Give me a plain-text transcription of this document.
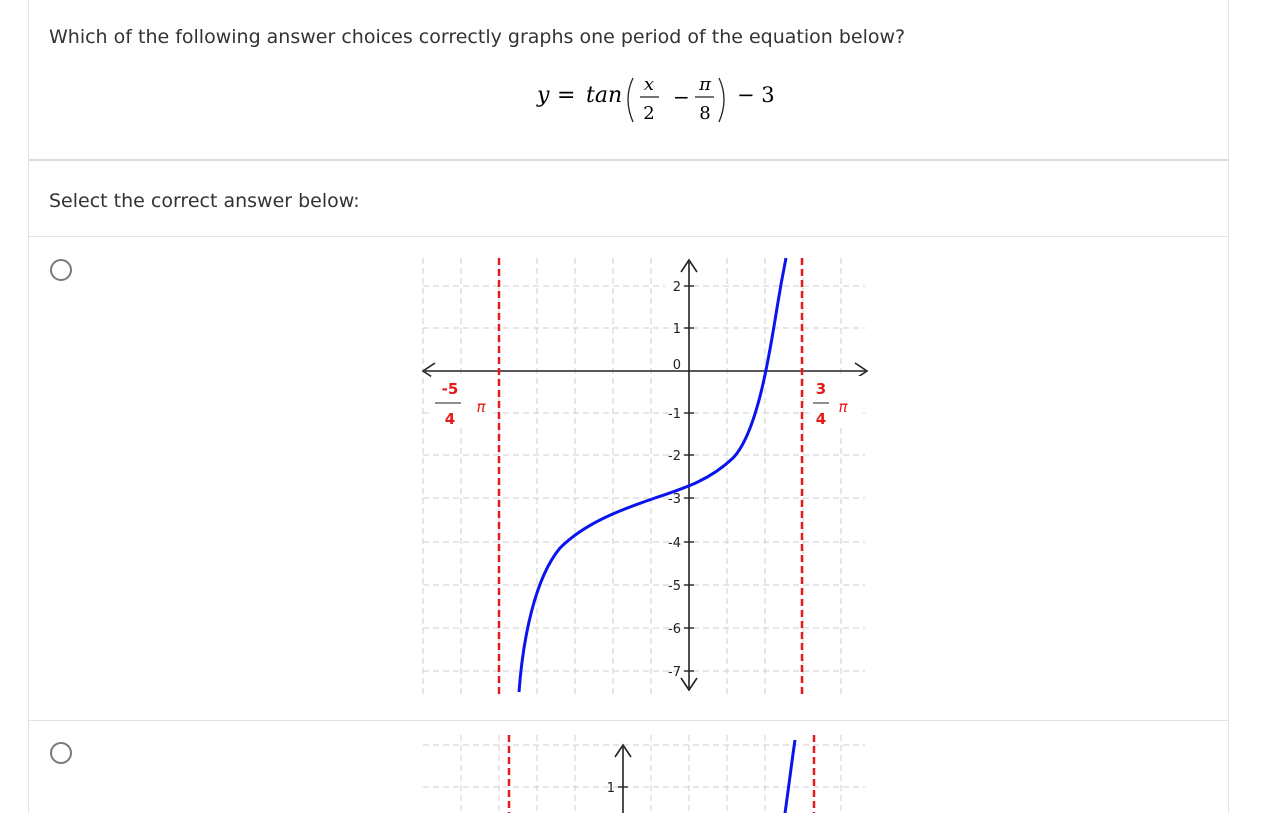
Which of the following answer choices correctly graphs one period of the equation below?
y = tan x
2
−
π
8
− 3
Select the correct answer below:
2
1
0
-1
-2
-3
-4
-5
-6
-7
-5
4
π
3
4
π
1
